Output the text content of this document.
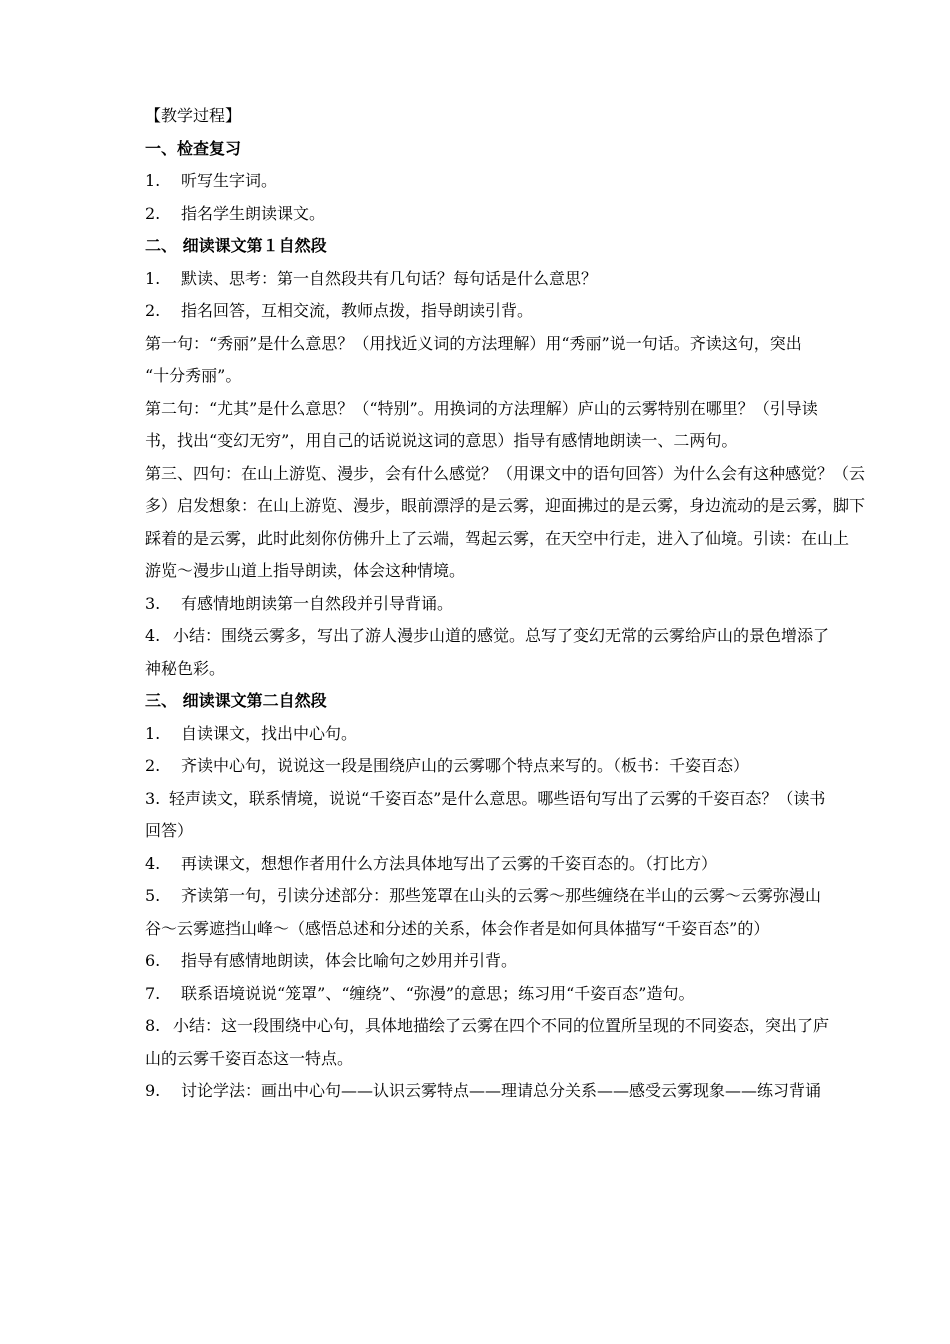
【教学过程】

一、检查复习

1. 听写生字词。

2. 指名学生朗读课文。

二、 细读课文第１自然段

1. 默读、思考：第一自然段共有几句话？每句话是什么意思？

2. 指名回答，互相交流，教师点拨，指导朗读引背。

第一句：“秀丽”是什么意思？（用找近义词的方法理解）用“秀丽”说一句话。齐读这句，突出

“十分秀丽”。

第二句：“尤其”是什么意思？（“特别”。用换词的方法理解）庐山的云雾特别在哪里？（引导读

书，找出“变幻无穷”，用自己的话说说这词的意思）指导有感情地朗读一、二两句。

第三、四句：在山上游览、漫步，会有什么感觉？（用课文中的语句回答）为什么会有这种感觉？（云

多）启发想象：在山上游览、漫步，眼前漂浮的是云雾，迎面拂过的是云雾，身边流动的是云雾，脚下

踩着的是云雾，此时此刻你仿佛升上了云端，驾起云雾，在天空中行走，进入了仙境。引读：在山上

游览～漫步山道上指导朗读，体会这种情境。

3. 有感情地朗读第一自然段并引导背诵。

4. 小结：围绕云雾多，写出了游人漫步山道的感觉。总写了变幻无常的云雾给庐山的景色增添了

神秘色彩。

三、 细读课文第二自然段

1. 自读课文，找出中心句。

2. 齐读中心句，说说这一段是围绕庐山的云雾哪个特点来写的。（板书：千姿百态）

3. 轻声读文，联系情境，说说“千姿百态”是什么意思。哪些语句写出了云雾的千姿百态？（读书

回答）

4. 再读课文，想想作者用什么方法具体地写出了云雾的千姿百态的。（打比方）

5. 齐读第一句，引读分述部分：那些笼罩在山头的云雾～那些缠绕在半山的云雾～云雾弥漫山

谷～云雾遮挡山峰～（感悟总述和分述的关系，体会作者是如何具体描写“千姿百态”的）

6. 指导有感情地朗读，体会比喻句之妙用并引背。

7. 联系语境说说“笼罩”、“缠绕”、“弥漫”的意思；练习用“千姿百态”造句。

8. 小结：这一段围绕中心句，具体地描绘了云雾在四个不同的位置所呈现的不同姿态，突出了庐

山的云雾千姿百态这一特点。

9. 讨论学法：画出中心句——认识云雾特点——理请总分关系——感受云雾现象——练习背诵
